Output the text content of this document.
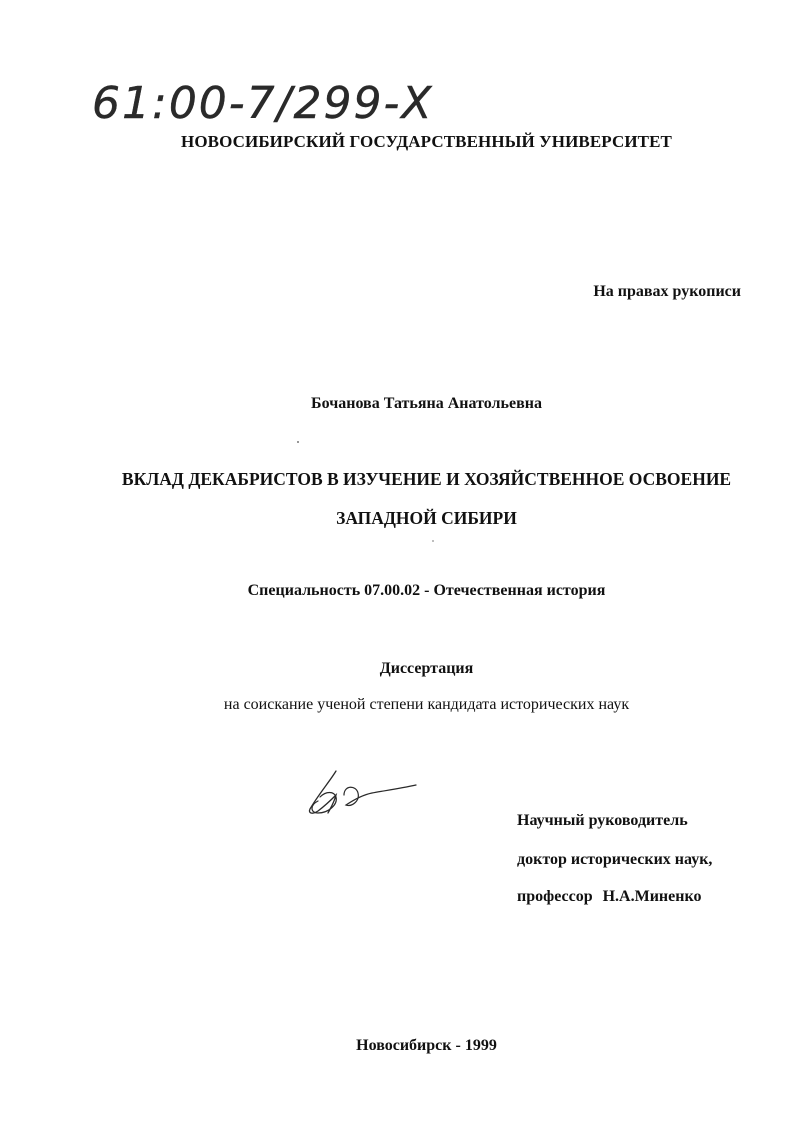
61:00-7/299-Х
НОВОСИБИРСКИЙ ГОСУДАРСТВЕННЫЙ УНИВЕРСИТЕТ
На правах рукописи
Бочанова Татьяна Анатольевна
ВКЛАД ДЕКАБРИСТОВ В ИЗУЧЕНИЕ И ХОЗЯЙСТВЕННОЕ ОСВОЕНИЕ
ЗАПАДНОЙ СИБИРИ
Специальность 07.00.02 - Отечественная история
Диссертация
на соискание ученой степени кандидата исторических наук
Научный руководитель
доктор исторических наук,
профессор Н.А.Миненко
Новосибирск - 1999
